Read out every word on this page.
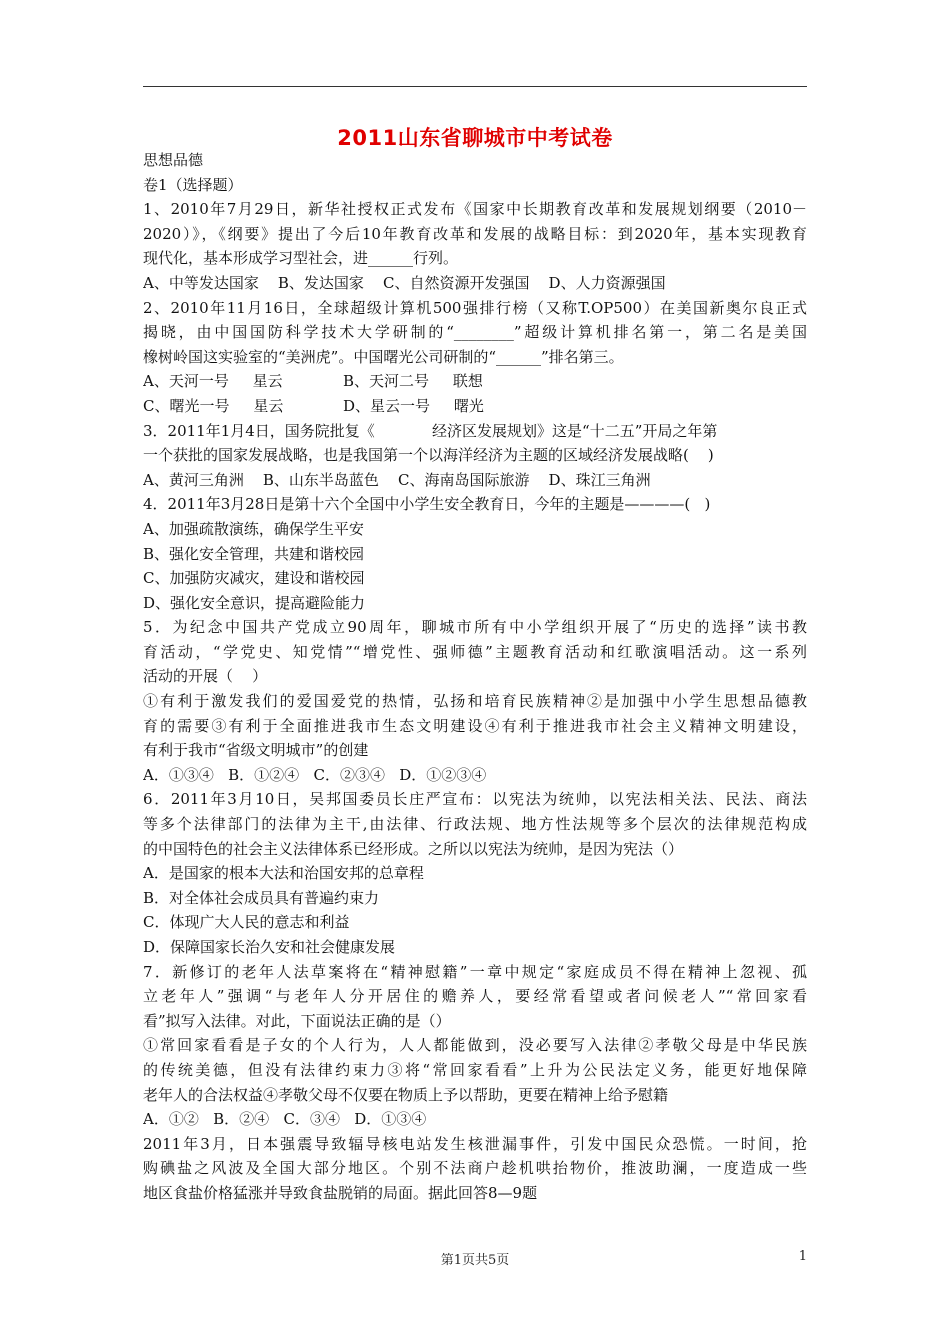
2011山东省聊城市中考试卷
思想品德
卷1（选择题）
1、2010年7月29日，新华社授权正式发布《国家中长期教育改革和发展规划纲要（2010－
2020）》，《纲要》提出了今后10年教育改革和发展的战略目标：到2020年，基本实现教育
现代化，基本形成学习型社会，进______行列。
A、中等发达国家    B、发达国家    C、自然资源开发强国    D、人力资源强国
2、2010年11月16日，全球超级计算机500强排行榜（又称T.OP500）在美国新奥尔良正式
揭晓，由中国国防科学技术大学研制的“________”超级计算机排名第一，第二名是美国
橡树岭国这实验室的“美洲虎”。中国曙光公司研制的“______”排名第三。
A、天河一号     星云	B、天河二号     联想
C、曙光一号     星云	D、星云一号     曙光
3．2011年1月4日，国务院批复《            经济区发展规划》这是“十二五”开局之年第
一个获批的国家发展战略，也是我国第一个以海洋经济为主题的区域经济发展战略(    )
A、黄河三角洲    B、山东半岛蓝色    C、海南岛国际旅游    D、珠江三角洲
4．2011年3月28日是第十六个全国中小学生安全教育日，今年的主题是————(   )
A、加强疏散演练，确保学生平安
B、强化安全管理，共建和谐校园
C、加强防灾减灾，建设和谐校园
D、强化安全意识，提高避险能力
5．为纪念中国共产党成立90周年，聊城市所有中小学组织开展了“历史的选择”读书教
育活动，“学党史、知党情”“增党性、强师德”主题教育活动和红歌演唱活动。这一系列
活动的开展（    ）
①有利于激发我们的爱国爱党的热情，弘扬和培育民族精神②是加强中小学生思想品德教
育的需要③有利于全面推进我市生态文明建设④有利于推进我市社会主义精神文明建设，
有利于我市“省级文明城市”的创建
A．①③④   B．①②④   C．②③④   D．①②③④
6．2011年3月10日，吴邦国委员长庄严宣布：以宪法为统帅，以宪法相关法、民法、商法
等多个法律部门的法律为主干,由法律、行政法规、地方性法规等多个层次的法律规范构成
的中国特色的社会主义法律体系已经形成。之所以以宪法为统帅，是因为宪法（）
A．是国家的根本大法和治国安邦的总章程
B．对全体社会成员具有普遍约束力
C．体现广大人民的意志和利益
D．保障国家长治久安和社会健康发展
7．新修订的老年人法草案将在“精神慰籍”一章中规定“家庭成员不得在精神上忽视、孤
立老年人”强调“与老年人分开居住的赡养人，要经常看望或者问候老人”“常回家看
看”拟写入法律。对此，下面说法正确的是（）
①常回家看看是子女的个人行为，人人都能做到，没必要写入法律②孝敬父母是中华民族
的传统美德，但没有法律约束力③将“常回家看看”上升为公民法定义务，能更好地保障
老年人的合法权益④孝敬父母不仅要在物质上予以帮助，更要在精神上给予慰籍
A．①②   B．②④   C．③④   D．①③④
2011年3月，日本强震导致辐导核电站发生核泄漏事件，引发中国民众恐慌。一时间，抢
购碘盐之风波及全国大部分地区。个别不法商户趁机哄抬物价，推波助澜，一度造成一些
地区食盐价格猛涨并导致食盐脱销的局面。据此回答8—9题
第1页共5页	1
